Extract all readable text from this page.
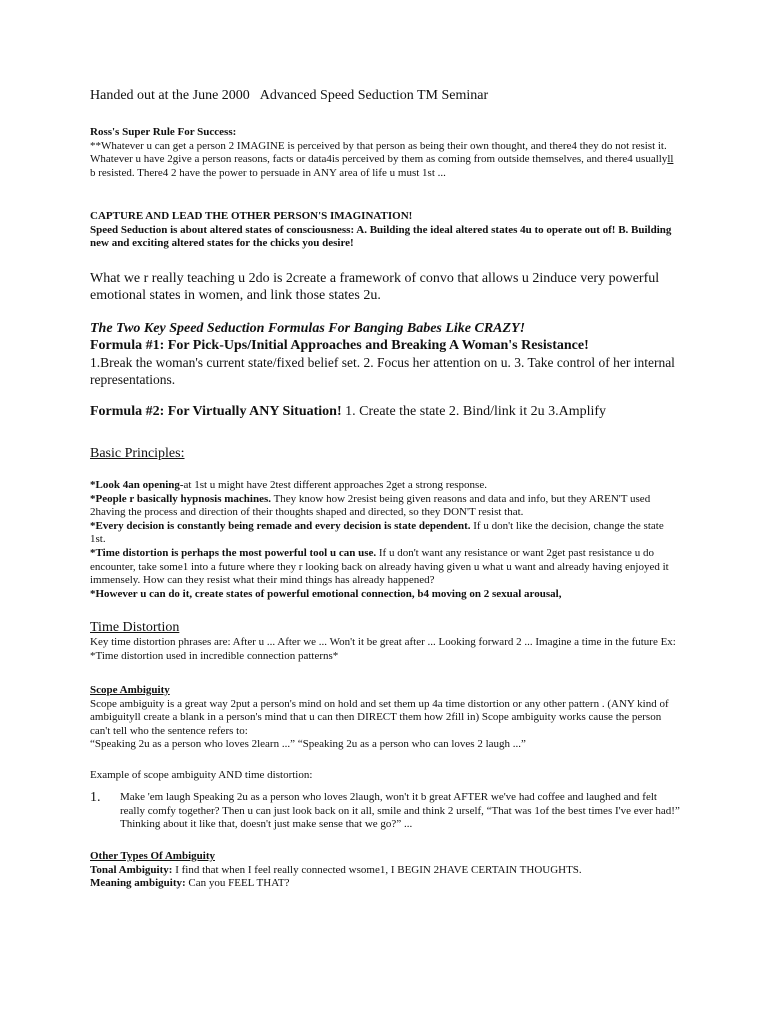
Handed out at the June 2000 Advanced Speed Seduction TM Seminar
Ross's Super Rule For Success:
**Whatever u can get a person 2 IMAGINE is perceived by that person as being their own thought, and there4 they do not resist it. Whatever u have 2give a person reasons, facts or data4is perceived by them as coming from outside themselves, and there4 usuallyll b resisted. There4 2 have the power to persuade in ANY area of life u must 1st ...
CAPTURE AND LEAD THE OTHER PERSON'S IMAGINATION!
Speed Seduction is about altered states of consciousness: A. Building the ideal altered states 4u to operate out of! B. Building new and exciting altered states for the chicks you desire!
What we r really teaching u 2do is 2create a framework of convo that allows u 2induce very powerful emotional states in women, and link those states 2u.
The Two Key Speed Seduction Formulas For Banging Babes Like CRAZY!
Formula #1: For Pick-Ups/Initial Approaches and Breaking A Woman's Resistance!
1.Break the woman's current state/fixed belief set. 2. Focus her attention on u. 3. Take control of her internal representations.
Formula #2: For Virtually ANY Situation! 1. Create the state 2. Bind/link it 2u 3.Amplify
Basic Principles:
*Look 4an opening-at 1st u might have 2test different approaches 2get a strong response.
*People r basically hypnosis machines. They know how 2resist being given reasons and data and info, but they AREN'T used 2having the process and direction of their thoughts shaped and directed, so they DON'T resist that.
*Every decision is constantly being remade and every decision is state dependent. If u don't like the decision, change the state 1st.
*Time distortion is perhaps the most powerful tool u can use. If u don't want any resistance or want 2get past resistance u do encounter, take some1 into a future where they r looking back on already having given u what u want and already having enjoyed it immensely. How can they resist what their mind things has already happened?
*However u can do it, create states of powerful emotional connection, b4 moving on 2 sexual arousal,
Time Distortion
Key time distortion phrases are: After u ... After we ... Won't it be great after ... Looking forward 2 ... Imagine a time in the future Ex: *Time distortion used in incredible connection patterns*
Scope Ambiguity
Scope ambiguity is a great way 2put a person's mind on hold and set them up 4a time distortion or any other pattern . (ANY kind of ambiguityll create a blank in a person's mind that u can then DIRECT them how 2fill in) Scope ambiguity works cause the person can't tell who the sentence refers to:
“Speaking 2u as a person who loves 2learn ...” “Speaking 2u as a person who can loves 2 laugh ...”
Example of scope ambiguity AND time distortion:
1.	Make 'em laugh Speaking 2u as a person who loves 2laugh, won't it b great AFTER we've had coffee and laughed and felt really comfy together? Then u can just look back on it all, smile and think 2 urself, “That was 1of the best times I've ever had!” Thinking about it like that, doesn't just make sense that we go?” ...
Other Types Of Ambiguity
Tonal Ambiguity: I find that when I feel really connected wsome1, I BEGIN 2HAVE CERTAIN THOUGHTS.
Meaning ambiguity: Can you FEEL THAT?
